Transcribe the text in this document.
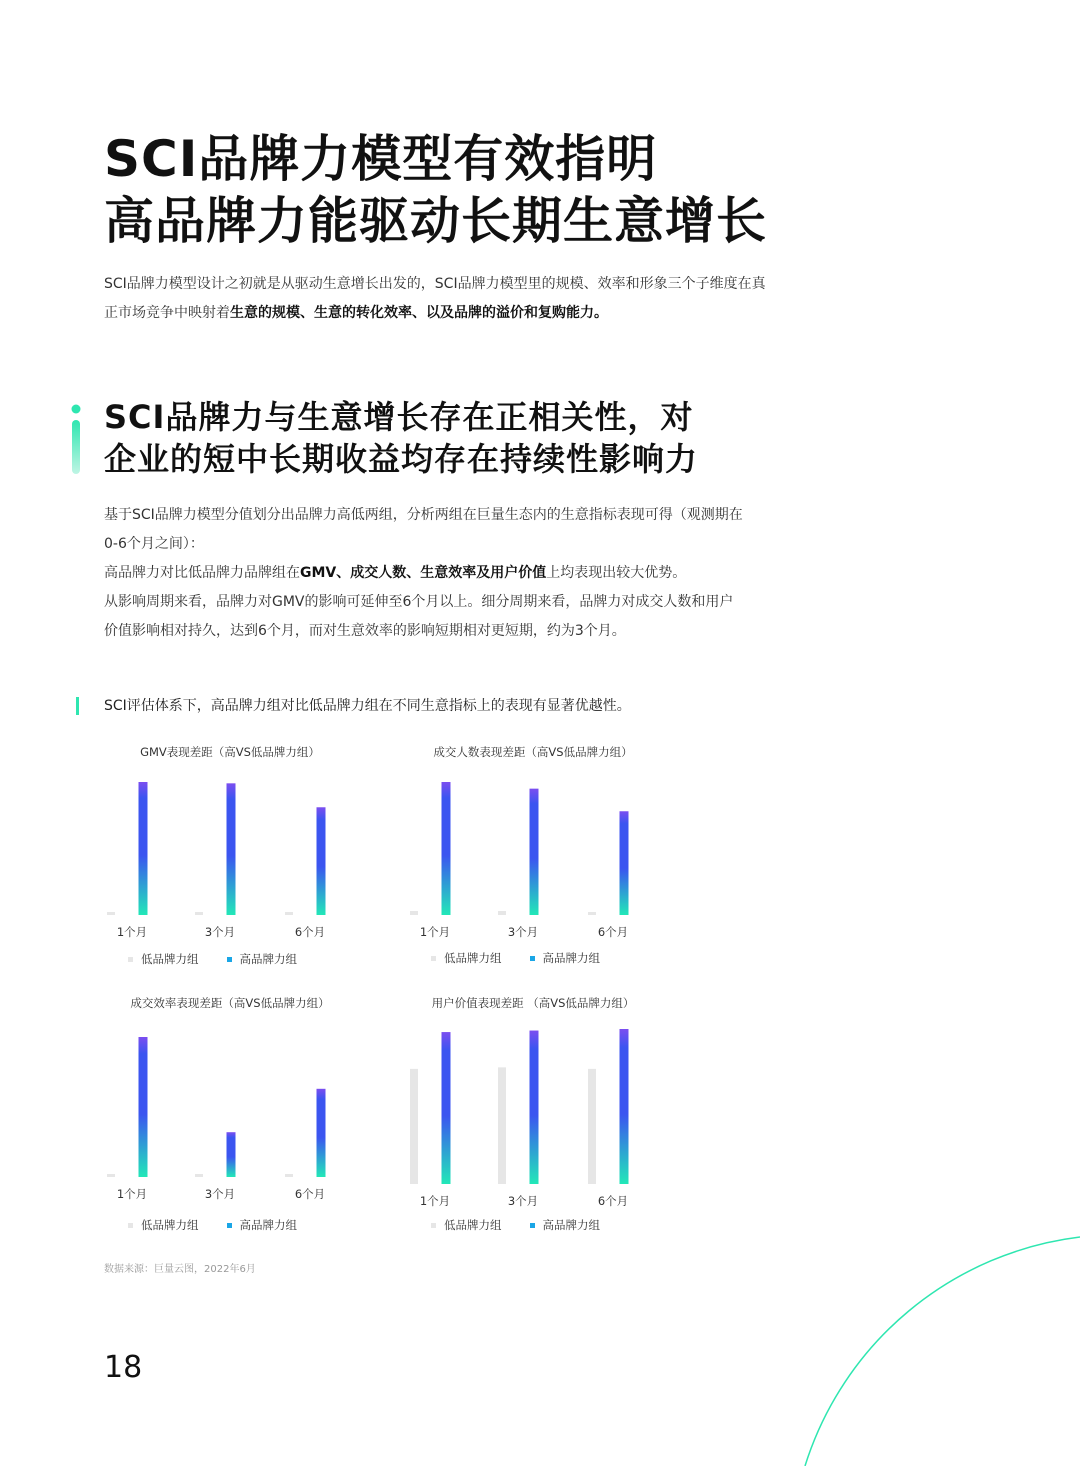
SCI品牌力模型有效指明
高品牌力能驱动长期生意增长
SCI品牌力模型设计之初就是从驱动生意增长出发的，SCI品牌力模型里的规模、效率和形象三个子维度在真正市场竞争中映射着生意的规模、生意的转化效率、以及品牌的溢价和复购能力。
SCI品牌力与生意增长存在正相关性，对
企业的短中长期收益均存在持续性影响力

基于SCI品牌力模型分值划分出品牌力高低两组，分析两组在巨量生态内的生意指标表现可得（观测期在0-6个月之间）：

高品牌力对比低品牌力品牌组在GMV、成交人数、生意效率及用户价值上均表现出较大优势。

从影响周期来看，品牌力对GMV的影响可延伸至6个月以上。细分周期来看，品牌力对成交人数和用户价值影响相对持久，达到6个月，而对生意效率的影响短期相对更短期，约为3个月。

SCI评估体系下，高品牌力组对比低品牌力组在不同生意指标上的表现有显著优越性。
GMV表现差距（高VS低品牌力组）
1个月	3个月	6个月
低品牌力组	高品牌力组
成交人数表现差距（高VS低品牌力组）
1个月	3个月	6个月
低品牌力组	高品牌力组
成交效率表现差距（高VS低品牌力组）
1个月	3个月	6个月
低品牌力组	高品牌力组
用户价值表现差距 （高VS低品牌力组）
1个月	3个月	6个月
低品牌力组	高品牌力组
数据来源：巨量云图，2022年6月
18
